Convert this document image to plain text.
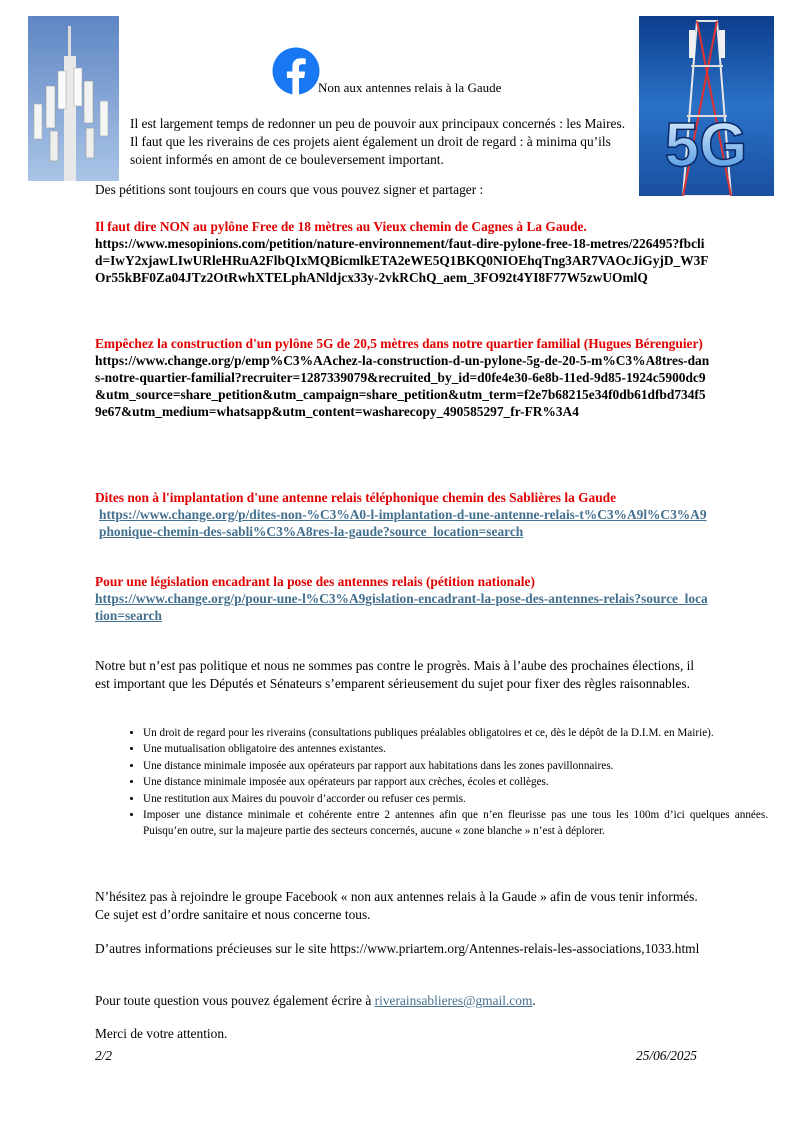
5G
Non aux antennes relais à la Gaude
Il est largement temps de redonner un peu de pouvoir aux principaux concernés : les Maires. Il faut que les riverains de ces projets aient également un droit de regard : à minima qu’ils soient informés en amont de ce bouleversement important.
Des pétitions sont toujours en cours que vous pouvez signer et partager :
Il faut dire NON au pylône Free de 18 mètres au Vieux chemin de Cagnes à La Gaude.
https://www.mesopinions.com/petition/nature-environnement/faut-dire-pylone-free-18-metres/226495?fbclid=IwY2xjawLIwURleHRuA2FlbQIxMQBicmlkETA2eWE5Q1BKQ0NIOEhqTng3AR7VAOcJiGyjD_W3FOr55kBF0Za04JTz2OtRwhXTELphANldjcx33y-2vkRChQ_aem_3FO92t4YI8F77W5zwUOmlQ
Empêchez la construction d'un pylône 5G de 20,5 mètres dans notre quartier familial (Hugues Bérenguier)
https://www.change.org/p/emp%C3%AAchez-la-construction-d-un-pylone-5g-de-20-5-m%C3%A8tres-dans-notre-quartier-familial?recruiter=1287339079&recruited_by_id=d0fe4e30-6e8b-11ed-9d85-1924c5900dc9&utm_source=share_petition&utm_campaign=share_petition&utm_term=f2e7b68215e34f0db61dfbd734f59e67&utm_medium=whatsapp&utm_content=washarecopy_490585297_fr-FR%3A4
Dites non à l'implantation d'une antenne relais téléphonique chemin des Sablières la Gaude
https://www.change.org/p/dites-non-%C3%A0-l-implantation-d-une-antenne-relais-t%C3%A9l%C3%A9phonique-chemin-des-sabli%C3%A8res-la-gaude?source_location=search
Pour une législation encadrant la pose des antennes relais (pétition nationale)
https://www.change.org/p/pour-une-l%C3%A9gislation-encadrant-la-pose-des-antennes-relais?source_location=search
Notre but n’est pas politique et nous ne sommes pas contre le progrès. Mais à l’aube des prochaines élections, il est important que les Députés et Sénateurs s’emparent sérieusement du sujet pour fixer des règles raisonnables.
• Un droit de regard pour les riverains (consultations publiques préalables obligatoires et ce, dès le dépôt de la D.I.M. en Mairie).
• Une mutualisation obligatoire des antennes existantes.
• Une distance minimale imposée aux opérateurs par rapport aux habitations dans les zones pavillonnaires.
• Une distance minimale imposée aux opérateurs par rapport aux crèches, écoles et collèges.
• Une restitution aux Maires du pouvoir d’accorder ou refuser ces permis.
• Imposer une distance minimale et cohérente entre 2 antennes afin que n’en fleurisse pas une tous les 100m d’ici quelques années. Puisqu’en outre, sur la majeure partie des secteurs concernés, aucune « zone blanche » n’est à déplorer.
N’hésitez pas à rejoindre le groupe Facebook « non aux antennes relais à la Gaude » afin de vous tenir informés. Ce sujet est d’ordre sanitaire et nous concerne tous.
D’autres informations précieuses sur le site https://www.priartem.org/Antennes-relais-les-associations,1033.html
Pour toute question vous pouvez également écrire à riverainsablieres@gmail.com.
Merci de votre attention.
2/2	25/06/2025
